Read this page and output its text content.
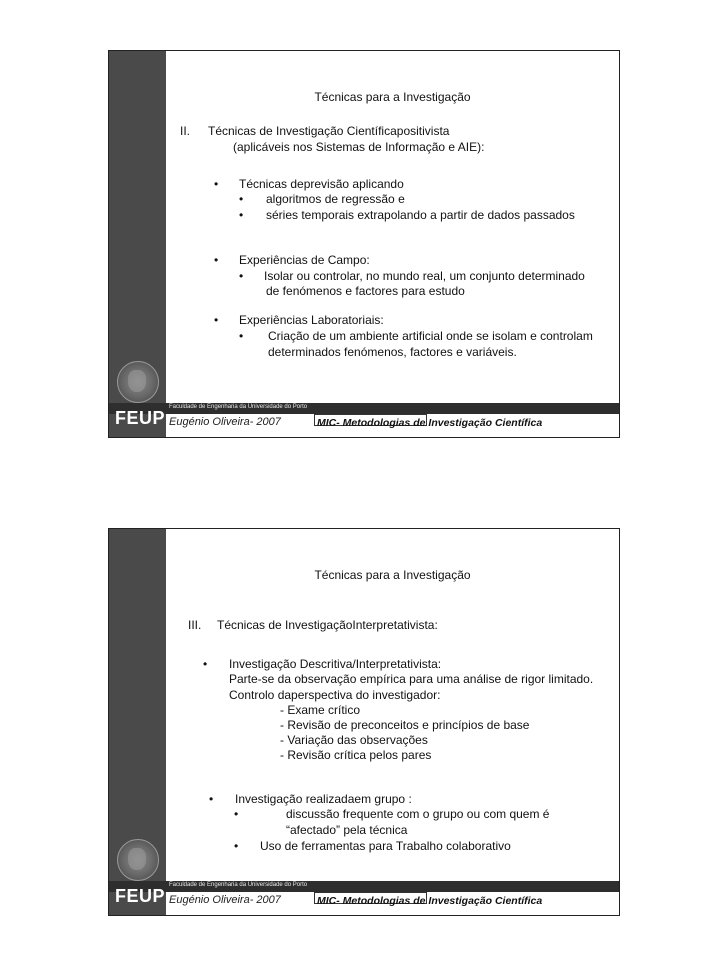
Faculdade de Engenharia da Universidade do Porto
FEUP Eugénio Oliveira- 2007	MIC- Metodologias de Investigação Científica
Técnicas para a Investigação
II. Técnicas de Investigação Científicapositivista
(aplicáveis nos Sistemas de Informação e AIE):
• Técnicas deprevisão aplicando
• algoritmos de regressão e
• séries temporais extrapolando a partir de dados passados
• Experiências de Campo:
• Isolar ou controlar, no mundo real, um conjunto determinado
de fenómenos e factores para estudo
• Experiências Laboratoriais:
• Criação de um ambiente artificial onde se isolam e controlam
determinados fenómenos, factores e variáveis.
Faculdade de Engenharia da Universidade do Porto
FEUP Eugénio Oliveira- 2007	MIC- Metodologias de Investigação Científica
Técnicas para a Investigação
III. Técnicas de InvestigaçãoInterpretativista:
• Investigação Descritiva/Interpretativista:
Parte-se da observação empírica para uma análise de rigor limitado.
Controlo daperspectiva do investigador:
- Exame crítico
- Revisão de preconceitos e princípios de base
- Variação das observações
- Revisão crítica pelos pares
• Investigação realizadaem grupo :
•	discussão frequente com o grupo ou com quem é
“afectado” pela técnica
• Uso de ferramentas para Trabalho colaborativo
